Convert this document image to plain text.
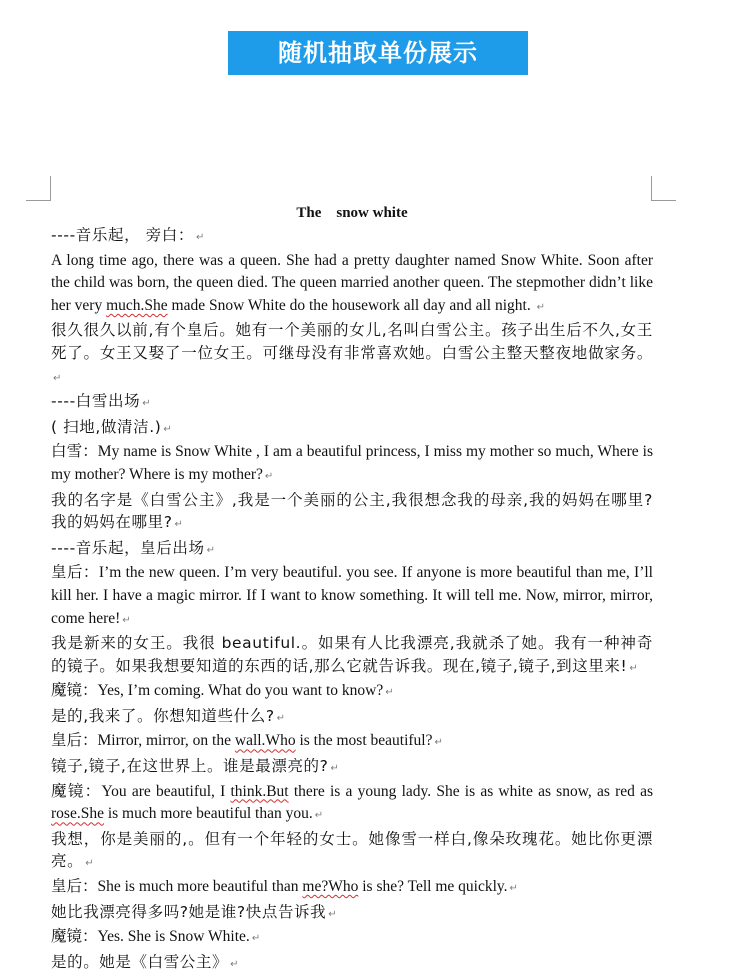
随机抽取单份展示
The    snow white
----音乐起， 旁白： ↵
A long time ago, there was a queen. She had a pretty daughter named Snow White. Soon after the child was born, the queen died. The queen married another queen. The stepmother didn’t like her very much.She made Snow White do the housework all day and all night. ↵
很久很久以前,有个皇后。她有一个美丽的女儿,名叫白雪公主。孩子出生后不久,女王死了。女王又娶了一位女王。可继母没有非常喜欢她。白雪公主整天整夜地做家务。↵
----白雪出场 ↵
( 扫地,做清洁.) ↵
白雪：My name is Snow White , I am a beautiful princess, I miss my mother so much, Where is my mother? Where is my mother? ↵
我的名字是《白雪公主》,我是一个美丽的公主,我很想念我的母亲,我的妈妈在哪里?我的妈妈在哪里? ↵
----音乐起，皇后出场 ↵
皇后：I’m the new queen. I’m very beautiful. you see. If anyone is more beautiful than me, I’ll kill her. I have a magic mirror. If I want to know something. It will tell me. Now, mirror, mirror, come here! ↵
我是新来的女王。我很 beautiful.。如果有人比我漂亮,我就杀了她。我有一种神奇的镜子。如果我想要知道的东西的话,那么它就告诉我。现在,镜子,镜子,到这里来! ↵
魔镜：Yes, I’m coming. What do you want to know? ↵
是的,我来了。你想知道些什么? ↵
皇后：Mirror, mirror, on the wall.Who is the most beautiful? ↵
镜子,镜子,在这世界上。谁是最漂亮的? ↵
魔镜：You are beautiful, I think.But there is a young lady. She is as white as snow, as red as rose.She is much more beautiful than you. ↵
我想，你是美丽的,。但有一个年轻的女士。她像雪一样白,像朵玫瑰花。她比你更漂亮。 ↵
皇后：She is much more beautiful than me?Who is she? Tell me quickly. ↵
她比我漂亮得多吗?她是谁?快点告诉我 ↵
魔镜：Yes. She is Snow White. ↵
是的。她是《白雪公主》 ↵
